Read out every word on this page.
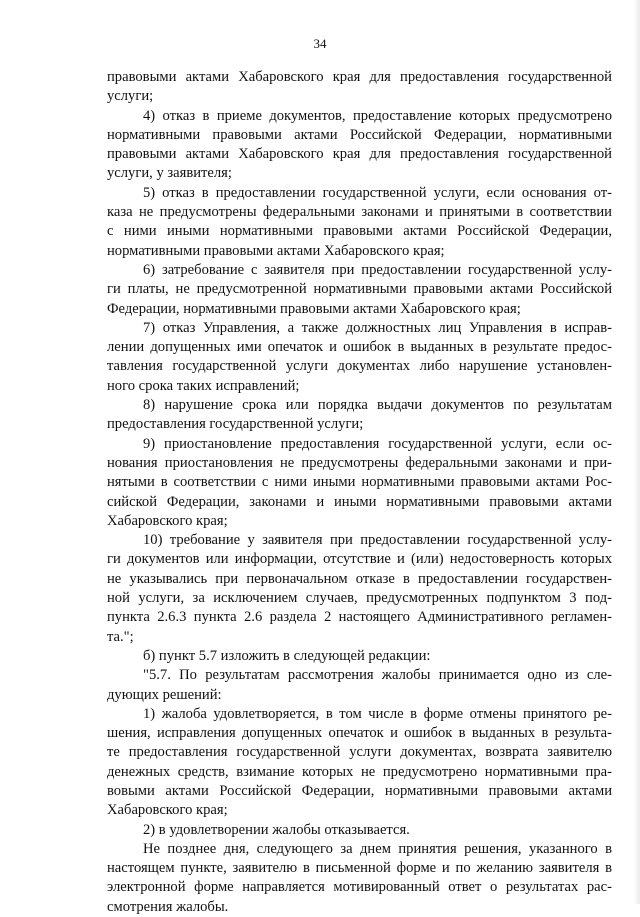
34
правовыми актами Хабаровского края для предоставления государственной
услуги;
4) отказ в приеме документов, предоставление которых предусмотрено
нормативными правовыми актами Российской Федерации, нормативными
правовыми актами Хабаровского края для предоставления государственной
услуги, у заявителя;
5) отказ в предоставлении государственной услуги, если основания от-
каза не предусмотрены федеральными законами и принятыми в соответствии
с ними иными нормативными правовыми актами Российской Федерации,
нормативными правовыми актами Хабаровского края;
6) затребование с заявителя при предоставлении государственной услу-
ги платы, не предусмотренной нормативными правовыми актами Российской
Федерации, нормативными правовыми актами Хабаровского края;
7) отказ Управления, а также должностных лиц Управления в исправ-
лении допущенных ими опечаток и ошибок в выданных в результате предос-
тавления государственной услуги документах либо нарушение установлен-
ного срока таких исправлений;
8) нарушение срока или порядка выдачи документов по результатам
предоставления государственной услуги;
9) приостановление предоставления государственной услуги, если ос-
нования приостановления не предусмотрены федеральными законами и при-
нятыми в соответствии с ними иными нормативными правовыми актами Рос-
сийской Федерации, законами и иными нормативными правовыми актами
Хабаровского края;
10) требование у заявителя при предоставлении государственной услу-
ги документов или информации, отсутствие и (или) недостоверность которых
не указывались при первоначальном отказе в предоставлении государствен-
ной услуги, за исключением случаев, предусмотренных подпунктом 3 под-
пункта 2.6.3 пункта 2.6 раздела 2 настоящего Административного регламен-
та.";
б) пункт 5.7 изложить в следующей редакции:
"5.7. По результатам рассмотрения жалобы принимается одно из сле-
дующих решений:
1) жалоба удовлетворяется, в том числе в форме отмены принятого ре-
шения, исправления допущенных опечаток и ошибок в выданных в результа-
те предоставления государственной услуги документах, возврата заявителю
денежных средств, взимание которых не предусмотрено нормативными пра-
вовыми актами Российской Федерации, нормативными правовыми актами
Хабаровского края;
2) в удовлетворении жалобы отказывается.
Не позднее дня, следующего за днем принятия решения, указанного в
настоящем пункте, заявителю в письменной форме и по желанию заявителя в
электронной форме направляется мотивированный ответ о результатах рас-
смотрения жалобы.
